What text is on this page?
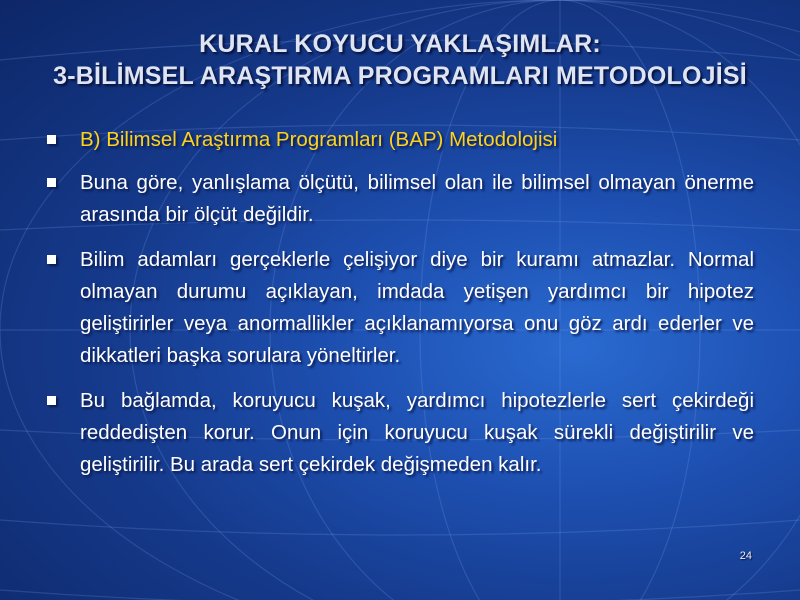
KURAL KOYUCU YAKLAŞIMLAR:
3-BİLİMSEL ARAŞTIRMA PROGRAMLARI METODOLOJİSİ
B) Bilimsel Araştırma Programları (BAP) Metodolojisi
Buna göre, yanlışlama ölçütü, bilimsel olan ile bilimsel olmayan önerme arasında bir ölçüt değildir.
Bilim adamları gerçeklerle çelişiyor diye bir kuramı atmazlar. Normal olmayan durumu açıklayan, imdada yetişen yardımcı bir hipotez geliştirirler veya anormallikler açıklanamıyorsa onu göz ardı ederler ve dikkatleri başka sorulara yöneltirler.
Bu bağlamda, koruyucu kuşak, yardımcı hipotezlerle sert çekirdeği reddedişten korur. Onun için koruyucu kuşak sürekli değiştirilir ve geliştirilir. Bu arada sert çekirdek değişmeden kalır.
24
